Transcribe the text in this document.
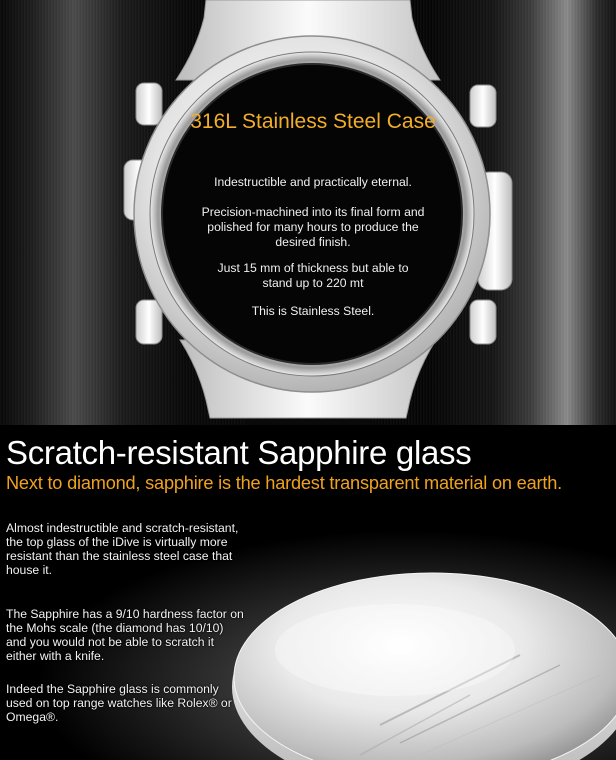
316L Stainless Steel Case
Indestructible and practically eternal.
Precision-machined into its final form and polished for many hours to produce the desired finish.
Just 15 mm of thickness but able to stand up to 220 mt
This is Stainless Steel.
Scratch-resistant Sapphire glass
Next to diamond, sapphire is the hardest transparent material on earth.
Almost indestructible and scratch-resistant, the top glass of the iDive is virtually more resistant than the stainless steel case that house it.
The Sapphire has a 9/10 hardness factor on the Mohs scale (the diamond has 10/10) and you would not be able to scratch it either with a knife.
Indeed the Sapphire glass is commonly used on top range watches like Rolex® or Omega®.
